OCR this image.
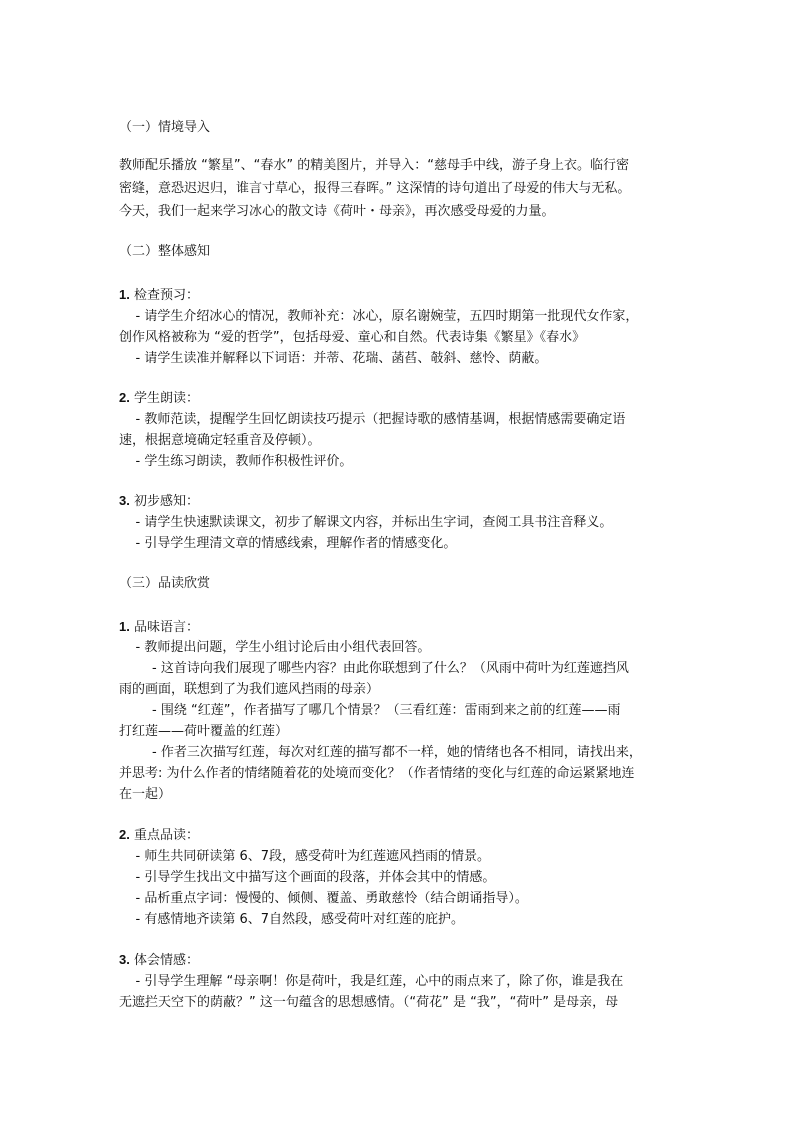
（一）情境导入
教师配乐播放 “繁星”、“春水” 的精美图片，并导入：“慈母手中线，游子身上衣。临行密
密缝，意恐迟迟归，谁言寸草心，报得三春晖。” 这深情的诗句道出了母爱的伟大与无私。
今天，我们一起来学习冰心的散文诗《荷叶・母亲》，再次感受母爱的力量。
（二）整体感知
1. 检查预习：
- 请学生介绍冰心的情况，教师补充：冰心，原名谢婉莹，五四时期第一批现代女作家，
创作风格被称为 “爱的哲学”，包括母爱、童心和自然。代表诗集《繁星》《春水》
- 请学生读准并解释以下词语：并蒂、花瑞、菡萏、攲斜、慈怜、荫蔽。
2. 学生朗读：
- 教师范读，提醒学生回忆朗读技巧提示（把握诗歌的感情基调，根据情感需要确定语
速，根据意境确定轻重音及停顿）。
- 学生练习朗读，教师作积极性评价。
3. 初步感知：
- 请学生快速默读课文，初步了解课文内容，并标出生字词，查阅工具书注音释义。
- 引导学生理清文章的情感线索，理解作者的情感变化。
（三）品读欣赏
1. 品味语言：
- 教师提出问题，学生小组讨论后由小组代表回答。
- 这首诗向我们展现了哪些内容？由此你联想到了什么？（风雨中荷叶为红莲遮挡风
雨的画面，联想到了为我们遮风挡雨的母亲）
- 围绕 “红莲”，作者描写了哪几个情景？（三看红莲：雷雨到来之前的红莲——雨
打红莲——荷叶覆盖的红莲）
- 作者三次描写红莲，每次对红莲的描写都不一样，她的情绪也各不相同，请找出来，
并思考: 为什么作者的情绪随着花的处境而变化？（作者情绪的变化与红莲的命运紧紧地连
在一起）
2. 重点品读：
- 师生共同研读第 6、7段，感受荷叶为红莲遮风挡雨的情景。
- 引导学生找出文中描写这个画面的段落，并体会其中的情感。
- 品析重点字词：慢慢的、倾侧、覆盖、勇敢慈怜（结合朗诵指导）。
- 有感情地齐读第 6、7自然段，感受荷叶对红莲的庇护。
3. 体会情感：
- 引导学生理解 “母亲啊！你是荷叶，我是红莲，心中的雨点来了，除了你，谁是我在
无遮拦天空下的荫蔽？” 这一句蕴含的思想感情。（“荷花” 是 “我”，“荷叶” 是母亲，母
